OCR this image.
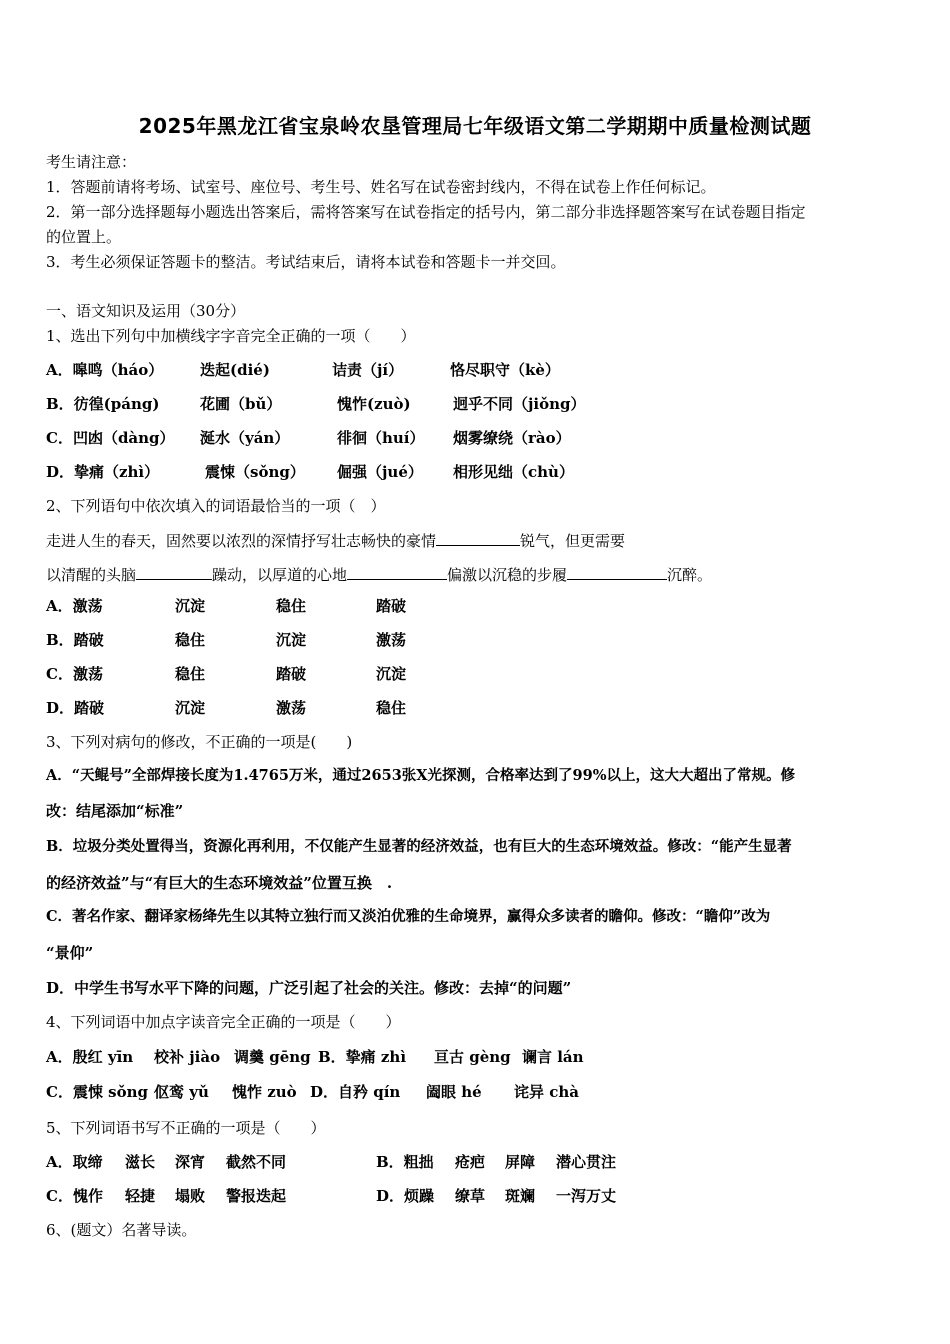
2025年黑龙江省宝泉岭农垦管理局七年级语文第二学期期中质量检测试题
考生请注意：
1．答题前请将考场、试室号、座位号、考生号、姓名写在试卷密封线内，不得在试卷上作任何标记。
2．第一部分选择题每小题选出答案后，需将答案写在试卷指定的括号内，第二部分非选择题答案写在试卷题目指定
的位置上。
3．考生必须保证答题卡的整洁。考试结束后，请将本试卷和答题卡一并交回。
一、语文知识及运用（30分）
1、选出下列句中加横线字字音完全正确的一项（　　）
A．嗥鸣（háo） 迭起(dié)	诘责（jí）	恪尽职守（kè）
B．彷徨(páng)	花圃（bǔ）	愧怍(zuò)	迥乎不同（jiǒng）
C．凹凼（dàng） 涎水（yán）	徘徊（huí） 烟雾缭绕（rào）
D．挚痛（zhì）	震悚（sǒng） 倔强（jué） 相形见绌（chù）
2、下列语句中依次填入的词语最恰当的一项（　）
走进人生的春天，固然要以浓烈的深情抒写壮志畅快的豪情	锐气，但更需要
以清醒的头脑	躁动，以厚道的心地	偏激以沉稳的步履	沉醉。
A．激荡	沉淀	稳住	踏破
B．踏破	稳住	沉淀	激荡
C．激荡	稳住	踏破	沉淀
D．踏破	沉淀	激荡	稳住
3、下列对病句的修改，不正确的一项是(　　)
A．“天鲲号”全部焊接长度为1.4765万米，通过2653张X光探测，合格率达到了99%以上，这大大超出了常规。修
改：结尾添加“标准”
B．垃圾分类处置得当，资源化再利用，不仅能产生显著的经济效益，也有巨大的生态环境效益。修改：“能产生显著
的经济效益”与“有巨大的生态环境效益”位置互换　.
C．著名作家、翻译家杨绛先生以其特立独行而又淡泊优雅的生命境界，赢得众多读者的瞻仰。修改：“瞻仰”改为
“景仰”
D．中学生书写水平下降的问题，广泛引起了社会的关注。修改：去掉“的问题”
4、下列词语中加点字读音完全正确的一项是（　　）
A．殷红 yīn 校补 jiào 调羹 gēng B．挚痛 zhì 亘古 gèng 谰言 lán
C．震悚 sǒng 伛鸾 yǔ 愧怍 zuò D．自矜 qín 阖眼 hé 诧异 chà
5、下列词语书写不正确的一项是（　　）
A．取缔 滋长 深宵 截然不同	B．粗拙 疮疤 屏障 潜心贯注
C．愧作 轻捷 塌败 警报迭起	D．烦躁 缭草 斑斓 一泻万丈
6、(题文）名著导读。
